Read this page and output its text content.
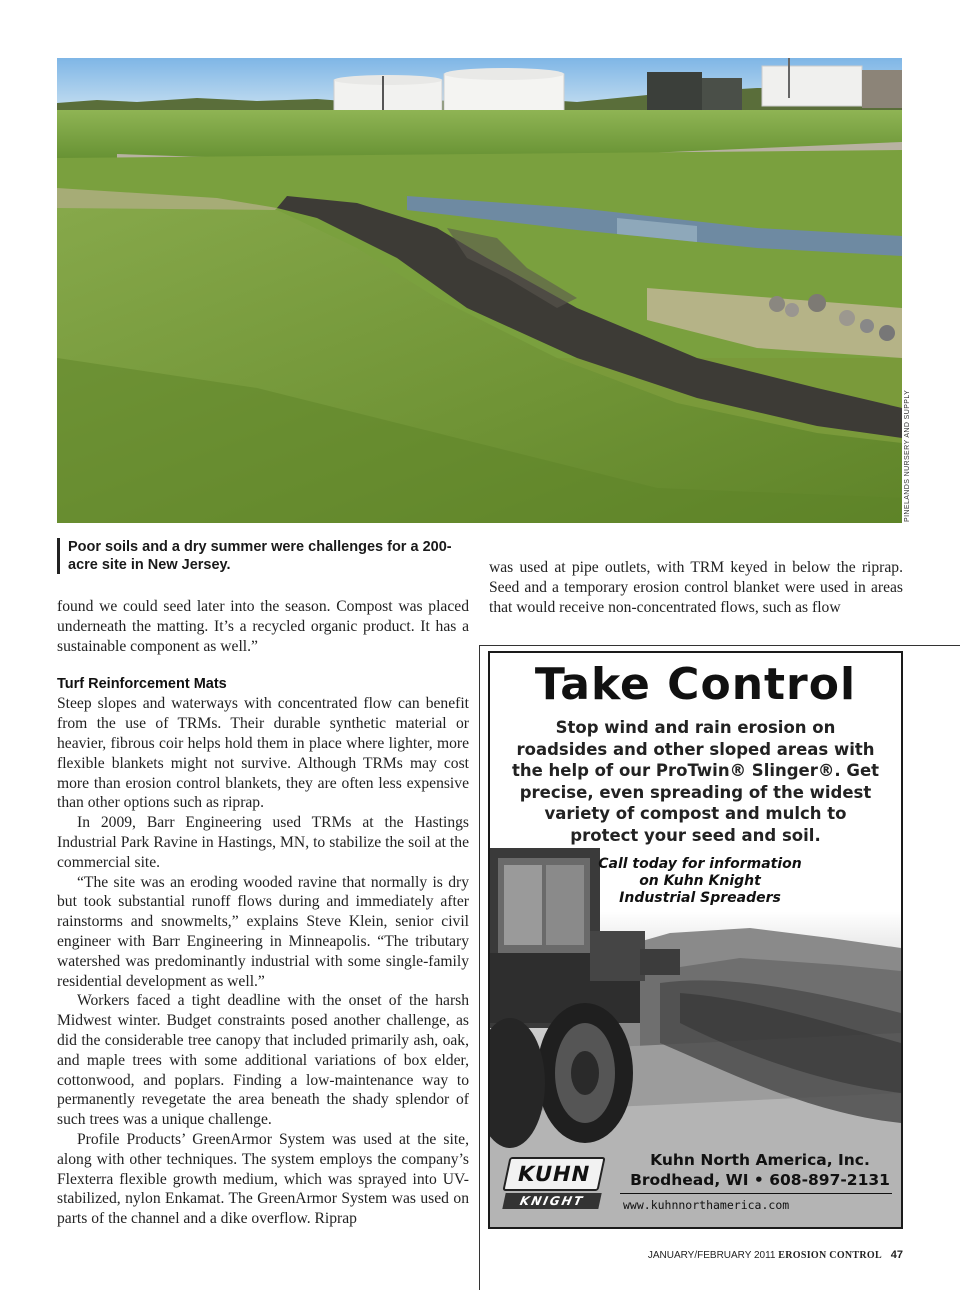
PINELANDS NURSERY AND SUPPLY
Poor soils and a dry summer were challenges for a 200-acre site in New Jersey.

found we could seed later into the season. Compost was placed underneath the matting. It’s a recycled organic product. It has a sustainable component as well.”

Turf Reinforcement Mats

Steep slopes and waterways with concentrated flow can benefit from the use of TRMs. Their durable synthetic material or heavier, fibrous coir helps hold them in place where lighter, more flexible blankets might not survive. Although TRMs may cost more than erosion control blankets, they are often less expensive than other options such as riprap.

In 2009, Barr Engineering used TRMs at the Hastings Industrial Park Ravine in Hastings, MN, to stabilize the soil at the commercial site.

“The site was an eroding wooded ravine that normally is dry but took substantial runoff flows during and immediately after rainstorms and snowmelts,” explains Steve Klein, senior civil engineer with Barr Engineering in Minneapolis. “The tributary watershed was predominantly industrial with some single-family residential development as well.”

Workers faced a tight deadline with the onset of the harsh Midwest winter. Budget constraints posed another challenge, as did the considerable tree canopy that included primarily ash, oak, and maple trees with some additional variations of box elder, cottonwood, and poplars. Finding a low-maintenance way to permanently revegetate the area beneath the shady splendor of such trees was a unique challenge.

Profile Products’ GreenArmor System was used at the site, along with other techniques. The system employs the company’s Flexterra flexible growth medium, which was sprayed into UV-stabilized, nylon Enkamat. The GreenArmor System was used on parts of the channel and a dike overflow. Riprap

was used at pipe outlets, with TRM keyed in below the riprap. Seed and a temporary erosion control blanket were used in areas that would receive non-concentrated flows, such as flow

Take Control
Stop wind and rain erosion on roadsides and other sloped areas with the help of our ProTwin® Slinger®. Get precise, even spreading of the widest variety of compost and mulch to protect your seed and soil.
Call today for information
on Kuhn Knight
Industrial Spreaders
KUHN
KNIGHT
Kuhn North America, Inc.
Brodhead, WI • 608-897-2131
www.kuhnnorthamerica.com
JANUARY/FEBRUARY 2011 EROSION CONTROL 47
